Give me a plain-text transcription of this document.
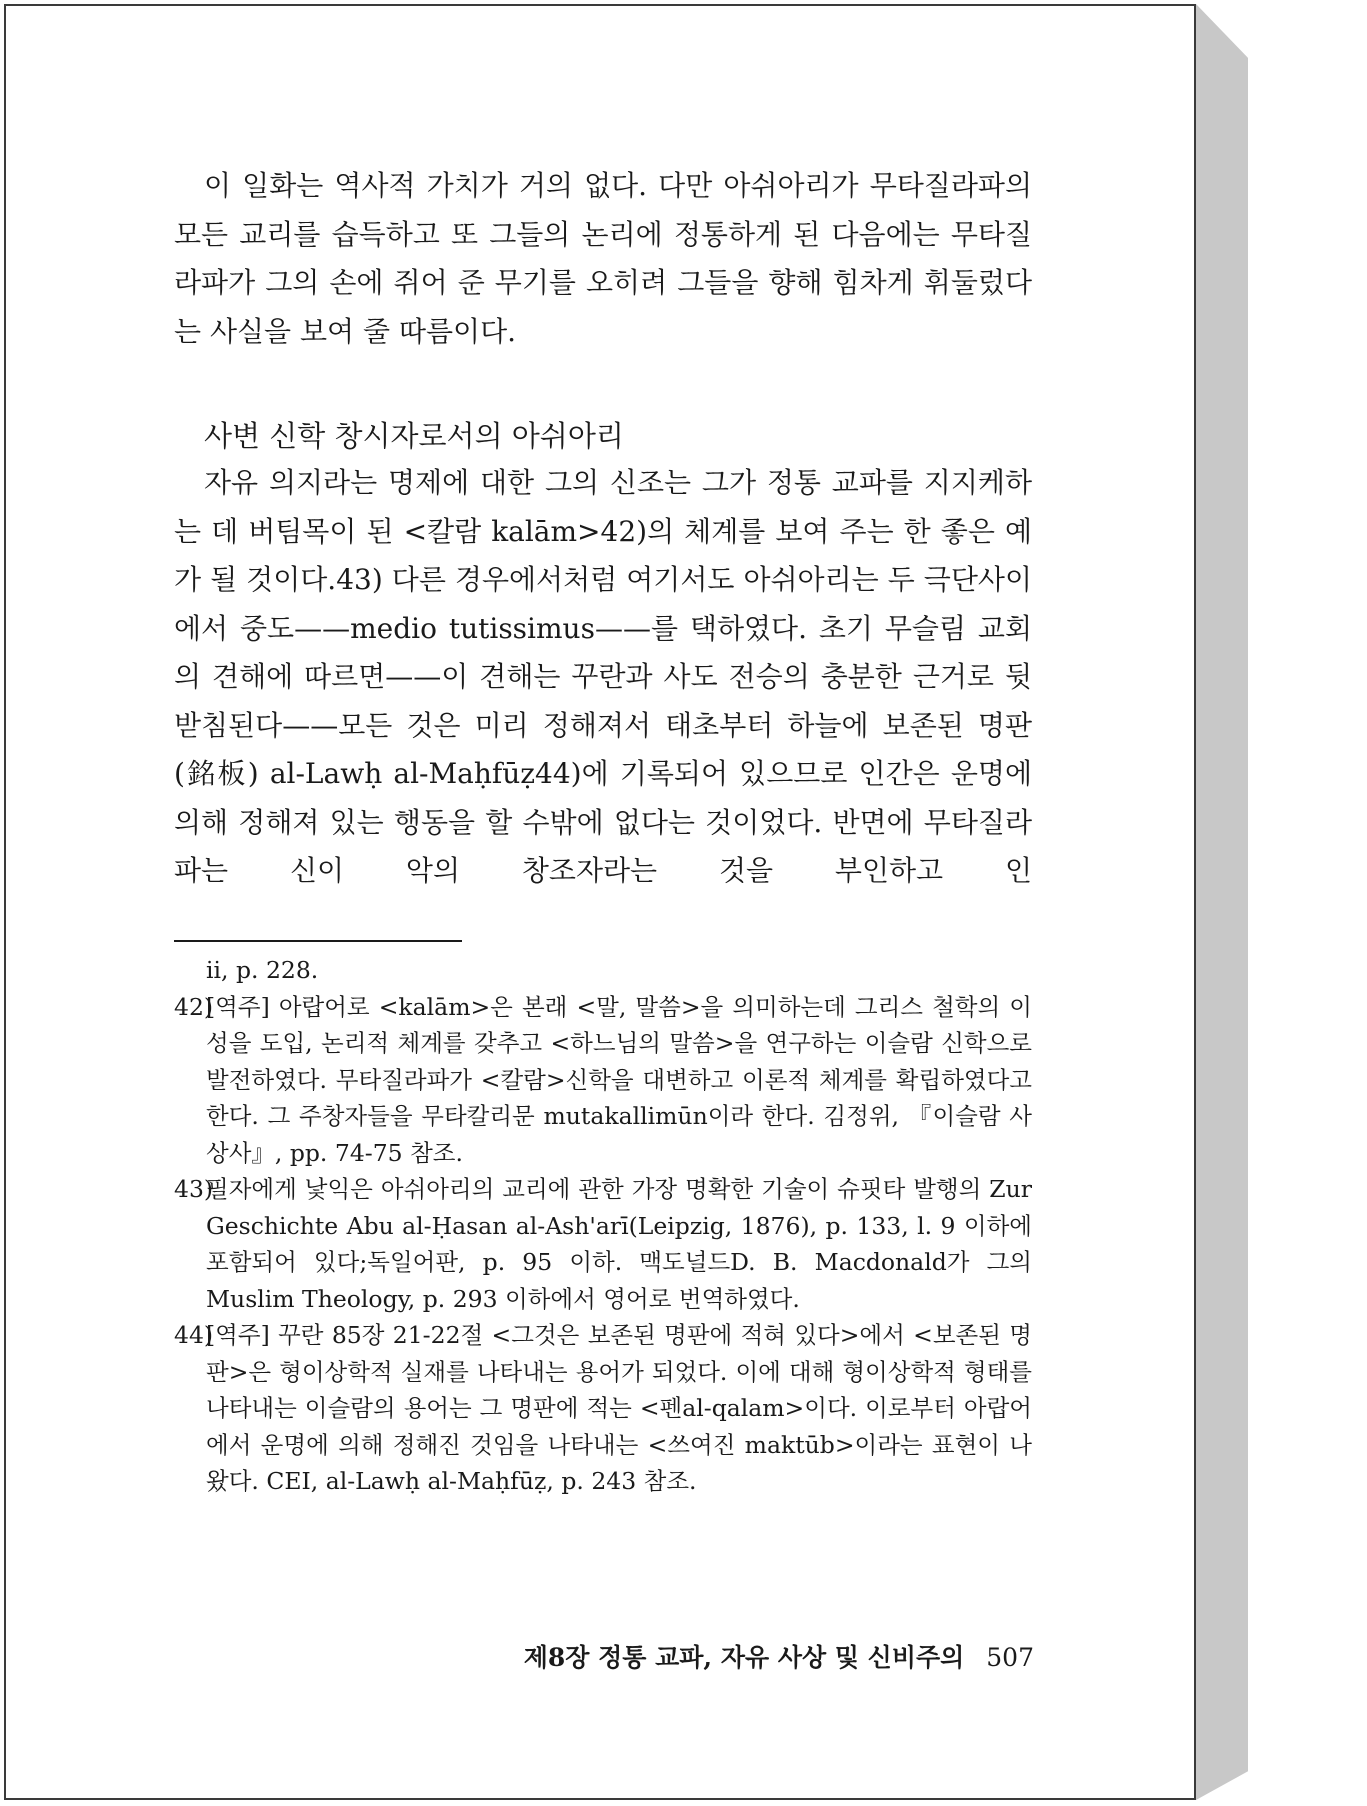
이 일화는 역사적 가치가 거의 없다. 다만 아쉬아리가 무타질라파의 모든 교리를 습득하고 또 그들의 논리에 정통하게 된 다음에는 무타질라파가 그의 손에 쥐어 준 무기를 오히려 그들을 향해 힘차게 휘둘렀다는 사실을 보여 줄 따름이다.
사변 신학 창시자로서의 아쉬아리
자유 의지라는 명제에 대한 그의 신조는 그가 정통 교파를 지지케하는 데 버팀목이 된 <칼람 kalām>42)의 체계를 보여 주는 한 좋은 예가 될 것이다.43) 다른 경우에서처럼 여기서도 아쉬아리는 두 극단사이에서 중도——medio tutissimus——를 택하였다. 초기 무슬림 교회의 견해에 따르면——이 견해는 꾸란과 사도 전승의 충분한 근거로 뒷받침된다——모든 것은 미리 정해져서 태초부터 하늘에 보존된 명판(銘板) al-Lawḥ al-Maḥfūẓ44)에 기록되어 있으므로 인간은 운명에 의해 정해져 있는 행동을 할 수밖에 없다는 것이었다. 반면에 무타질라파는 신이 악의 창조자라는 것을 부인하고 인
ii, p. 228.
42)
[역주] 아랍어로 <kalām>은 본래 <말, 말씀>을 의미하는데 그리스 철학의 이성을 도입, 논리적 체계를 갖추고 <하느님의 말씀>을 연구하는 이슬람 신학으로 발전하였다. 무타질라파가 <칼람>신학을 대변하고 이론적 체계를 확립하였다고 한다. 그 주창자들을 무타칼리문 mutakallimūn이라 한다. 김정위, 『이슬람 사상사』, pp. 74-75 참조.
43)
필자에게 낯익은 아쉬아리의 교리에 관한 가장 명확한 기술이 슈핏타 발행의 Zur Geschichte Abu al-Ḥasan al-Ash'arī(Leipzig, 1876), p. 133, l. 9 이하에 포함되어 있다;독일어판, p. 95 이하. 맥도널드D. B. Macdonald가 그의 Muslim Theology, p. 293 이하에서 영어로 번역하였다.
44)
[역주] 꾸란 85장 21-22절 <그것은 보존된 명판에 적혀 있다>에서 <보존된 명판>은 형이상학적 실재를 나타내는 용어가 되었다. 이에 대해 형이상학적 형태를 나타내는 이슬람의 용어는 그 명판에 적는 <펜al-qalam>이다. 이로부터 아랍어에서 운명에 의해 정해진 것임을 나타내는 <쓰여진 maktūb>이라는 표현이 나왔다. CEI, al-Lawḥ al-Maḥfūẓ, p. 243 참조.
제8장 정통 교파, 자유 사상 및 신비주의 507
